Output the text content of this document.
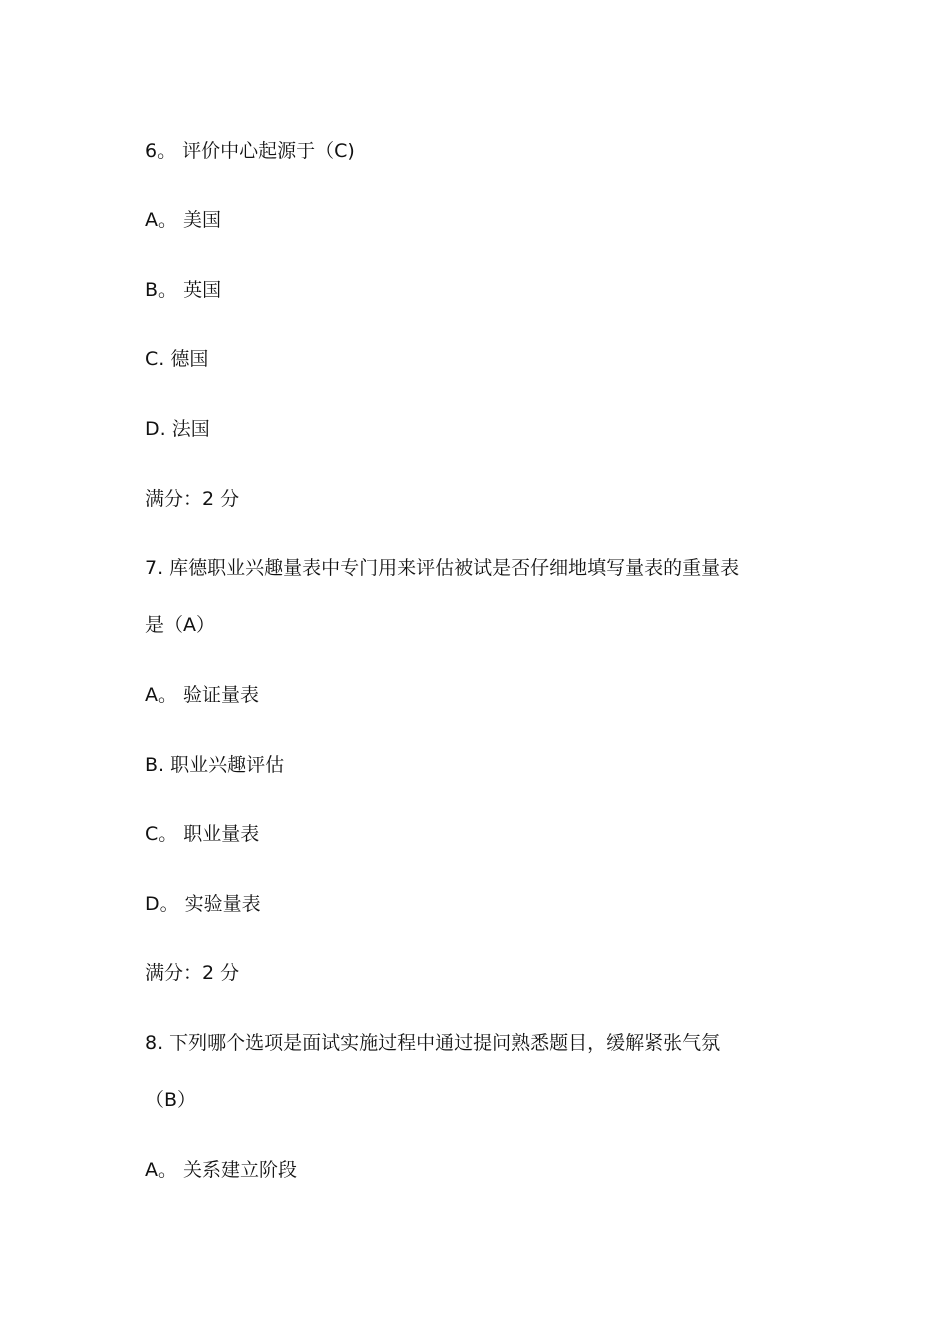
6。 评价中心起源于（C)
A。 美国
B。 英国
C. 德国
D. 法国
满分：2 分
7. 库德职业兴趣量表中专门用来评估被试是否仔细地填写量表的重量表
是（A）
A。 验证量表
B. 职业兴趣评估
C。 职业量表
D。 实验量表
满分：2 分
8. 下列哪个选项是面试实施过程中通过提问熟悉题目，缓解紧张气氛
（B）
A。 关系建立阶段
